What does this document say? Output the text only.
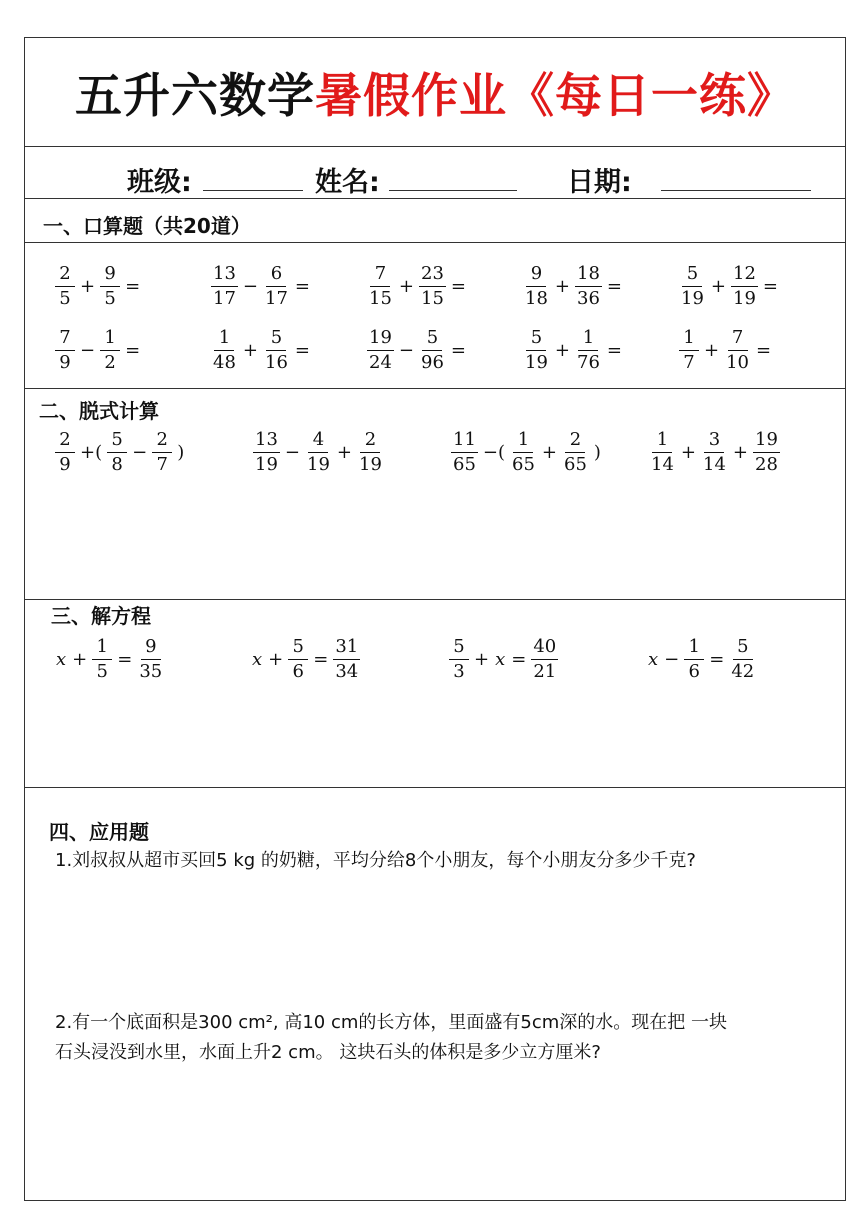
五升六数学 暑假作业《每日一练》
班级:	姓名:	日期:
一、口算题（共20道）
$\frac{2}{5} + \frac{9}{5}$ =	$\frac{13}{17} - \frac{6}{17}$ =	$\frac{7}{15} + \frac{23}{15}$ =	$\frac{9}{18} + \frac{18}{36}$ =	$\frac{5}{19} + \frac{12}{19}$ =
$\frac{7}{9} - \frac{1}{2}$ =	$\frac{1}{48} + \frac{5}{16}$ =	$\frac{19}{24} - \frac{5}{96}$ =	$\frac{5}{19} + \frac{1}{76}$ =	$\frac{1}{7} + \frac{7}{10}$ =
二、脱式计算
$\frac{2}{9}$ +( $\frac{5}{8} - \frac{2}{7}$ )	$\frac{13}{19} - \frac{4}{19} + \frac{2}{19}$	$\frac{11}{65}$ −( $\frac{1}{65} + \frac{2}{65}$ )	$\frac{1}{14} + \frac{3}{14} + \frac{19}{28}$
三、解方程
$x + \frac{1}{5} = \frac{9}{35}$	$x + \frac{5}{6} = \frac{31}{34}$	$\frac{5}{3} + x = \frac{40}{21}$	$x - \frac{1}{6} = \frac{5}{42}$
四、应用题
1.刘叔叔从超市买回5 kg 的奶糖，平均分给8个小朋友，每个小朋友分多少千克?
2.有一个底面积是300 cm², 高10 cm的长方体，里面盛有5cm深的水。现在把 一块
石头浸没到水里，水面上升2 cm。 这块石头的体积是多少立方厘米?
